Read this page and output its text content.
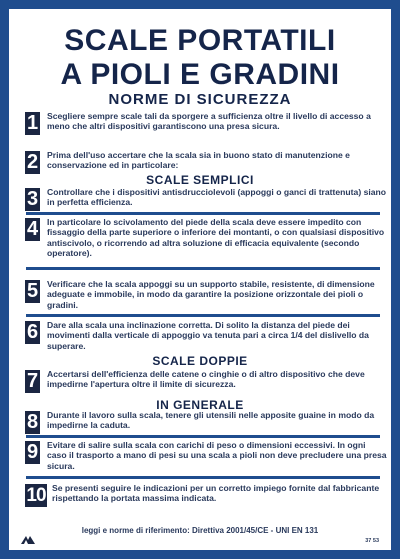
SCALE PORTATILI
A PIOLI E GRADINI
NORME DI SICUREZZA
1 Scegliere sempre scale tali da sporgere a sufficienza oltre il livello di accesso a meno che altri dispositivi garantiscono una presa sicura.
2 Prima dell'uso accertare che la scala sia in buono stato di manutenzione e conservazione ed in particolare:
SCALE SEMPLICI
3 Controllare che i dispositivi antisdrucciolevoli (appoggi o ganci di trattenuta) siano in perfetta efficienza.
4 In particolare lo scivolamento del piede della scala deve essere impedito con fissaggio della parte superiore o inferiore dei montanti, o con qualsiasi dispositivo antiscivolo, o ricorrendo ad altra soluzione di efficacia equivalente (secondo operatore).
5 Verificare che la scala appoggi su un supporto stabile, resistente, di dimensione adeguate e immobile, in modo da garantire la posizione orizzontale dei pioli o gradini.
6 Dare alla scala una inclinazione corretta. Di solito la distanza del piede dei movimenti dalla verticale di appoggio va tenuta pari a circa 1/4 del dislivello da superare.
SCALE DOPPIE
7 Accertarsi dell'efficienza delle catene o cinghie o di altro dispositivo che deve impedirne l'apertura oltre il limite di sicurezza.
IN GENERALE
8 Durante il lavoro sulla scala, tenere gli utensili nelle apposite guaine in modo da impedirne la caduta.
9 Evitare di salire sulla scala con carichi di peso o dimensioni eccessivi. In ogni caso il trasporto a mano di pesi su una scala a pioli non deve precludere una presa sicura.
10 Se presenti seguire le indicazioni per un corretto impiego fornite dal fabbricante rispettando la portata massima indicata.
leggi e norme di riferimento: Direttiva 2001/45/CE - UNI EN 131
37 53
